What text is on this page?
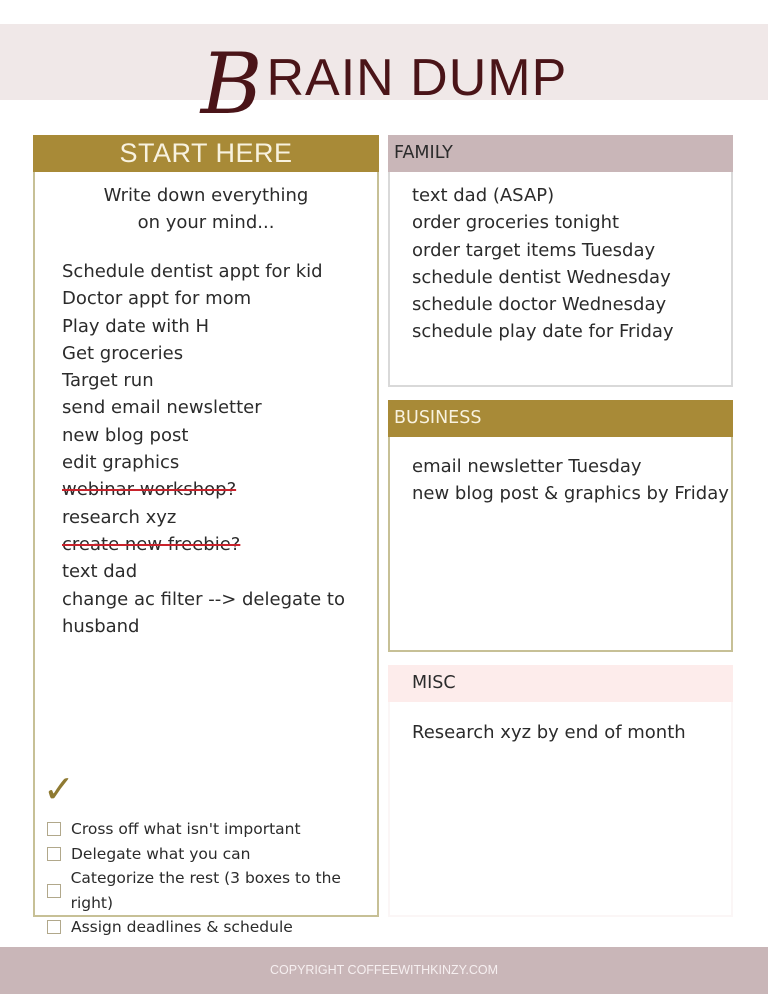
B RAIN DUMP
START HERE
Write down everything
on your mind...
Schedule dentist appt for kid
Doctor appt for mom
Play date with H
Get groceries
Target run
send email newsletter
new blog post
edit graphics
webinar workshop?
research xyz
create new freebie?
text dad
change ac filter --> delegate to
husband
✓
Cross off what isn't important
Delegate what you can
Categorize the rest (3 boxes to the right)
Assign deadlines & schedule
FAMILY
text dad (ASAP)
order groceries tonight
order target items Tuesday
schedule dentist Wednesday
schedule doctor Wednesday
schedule play date for Friday
BUSINESS
email newsletter Tuesday
new blog post & graphics by Friday
MISC
Research xyz by end of month
COPYRIGHT COFFEEWITHKINZY.COM
